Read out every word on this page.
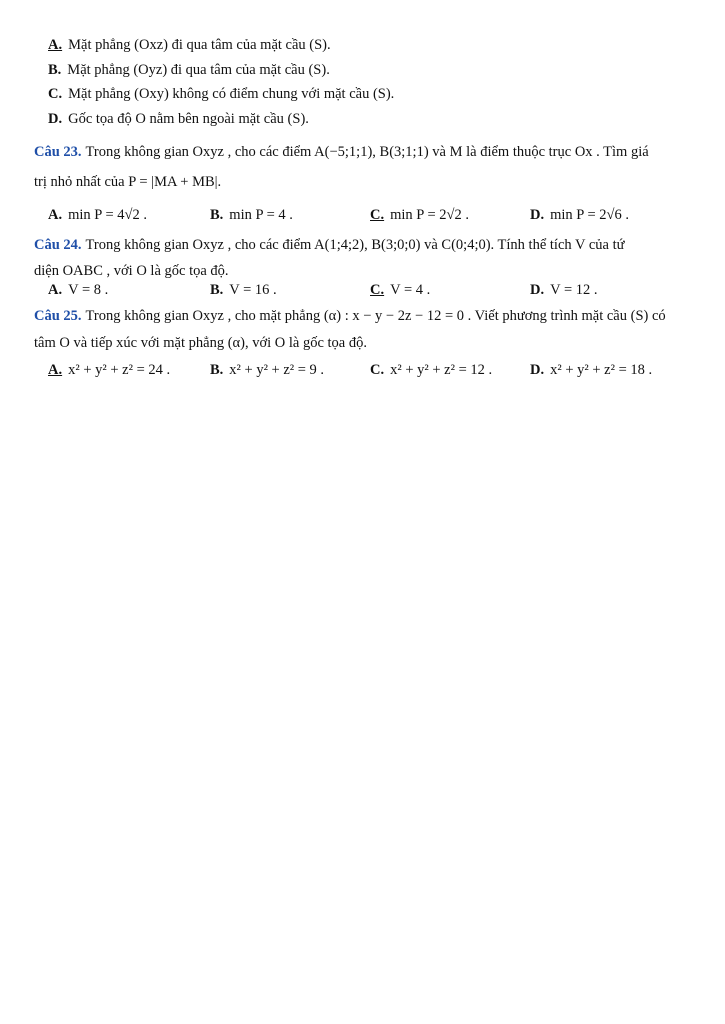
A. Mặt phẳng (Oxz) đi qua tâm của mặt cầu (S).
B. Mặt phẳng (Oyz) đi qua tâm của mặt cầu (S).
C. Mặt phẳng (Oxy) không có điểm chung với mặt cầu (S).
D. Gốc tọa độ O nằm bên ngoài mặt cầu (S).
Câu 23. Trong không gian Oxyz , cho các điểm A(−5;1;1), B(3;1;1) và M là điểm thuộc trục Ox . Tìm giá
trị nhỏ nhất của P = |MA + MB|.
A. min P = 4√2 .	B. min P = 4 .	C. min P = 2√2 .	D. min P = 2√6 .
Câu 24. Trong không gian Oxyz , cho các điểm A(1;4;2), B(3;0;0) và C(0;4;0). Tính thể tích V của tứ
diện OABC , với O là gốc tọa độ.
A. V = 8 .	B. V = 16 .	C. V = 4 .	D. V = 12 .
Câu 25. Trong không gian Oxyz , cho mặt phẳng (α) : x − y − 2z − 12 = 0 . Viết phương trình mặt cầu (S) có
tâm O và tiếp xúc với mặt phẳng (α), với O là gốc tọa độ.
A. x² + y² + z² = 24 .	B. x² + y² + z² = 9 .	C. x² + y² + z² = 12 .	D. x² + y² + z² = 18 .
